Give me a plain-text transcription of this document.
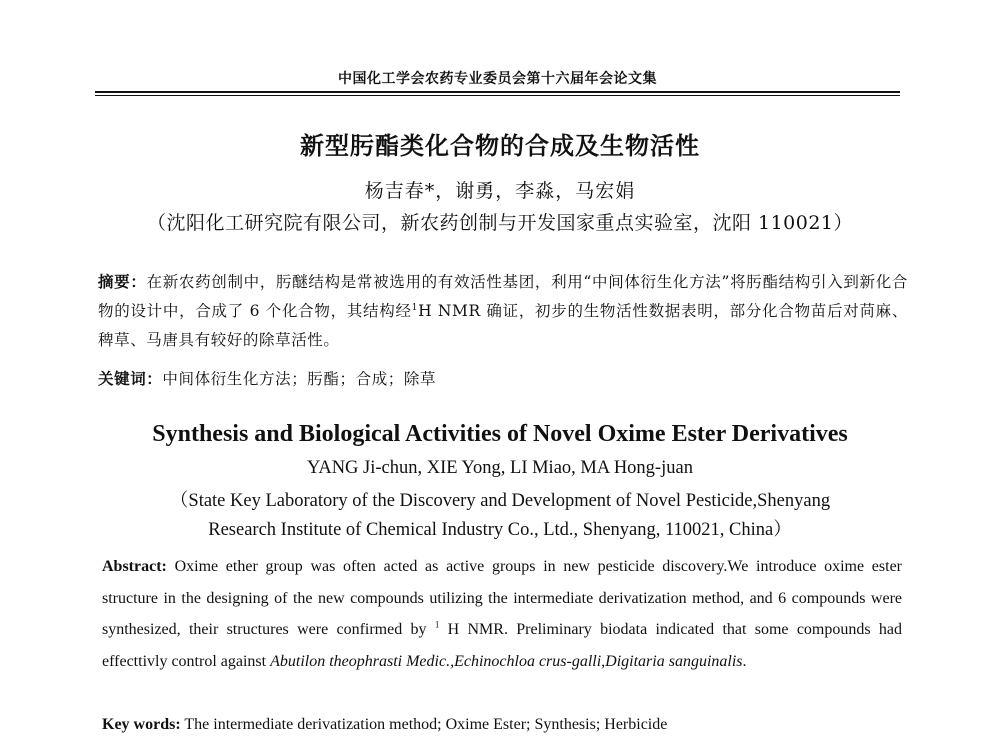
中国化工学会农药专业委员会第十六届年会论文集
新型肟酯类化合物的合成及生物活性
杨吉春*，谢勇，李淼，马宏娟
（沈阳化工研究院有限公司，新农药创制与开发国家重点实验室，沈阳 110021）
摘要：在新农药创制中，肟醚结构是常被选用的有效活性基团，利用“中间体衍生化方法”将肟酯结构引入到新化合物的设计中，合成了 6 个化合物，其结构经$^1$H NMR 确证，初步的生物活性数据表明，部分化合物苗后对苘麻、稗草、马唐具有较好的除草活性。
关键词：中间体衍生化方法；肟酯；合成；除草
Synthesis and Biological Activities of Novel Oxime Ester Derivatives
YANG Ji-chun, XIE Yong, LI Miao, MA Hong-juan
（State Key Laboratory of the Discovery and Development of Novel Pesticide,Shenyang
Research Institute of Chemical Industry Co., Ltd., Shenyang, 110021, China）
Abstract: Oxime ether group was often acted as active groups in new pesticide discovery.We introduce oxime ester structure in the designing of the new compounds utilizing the intermediate derivatization method, and 6 compounds were synthesized, their structures were confirmed by $^1$ H NMR. Preliminary biodata indicated that some compounds had effecttivly control against Abutilon theophrasti Medic.,Echinochloa crus-galli,Digitaria sanguinalis.
Key words: The intermediate derivatization method; Oxime Ester; Synthesis; Herbicide
